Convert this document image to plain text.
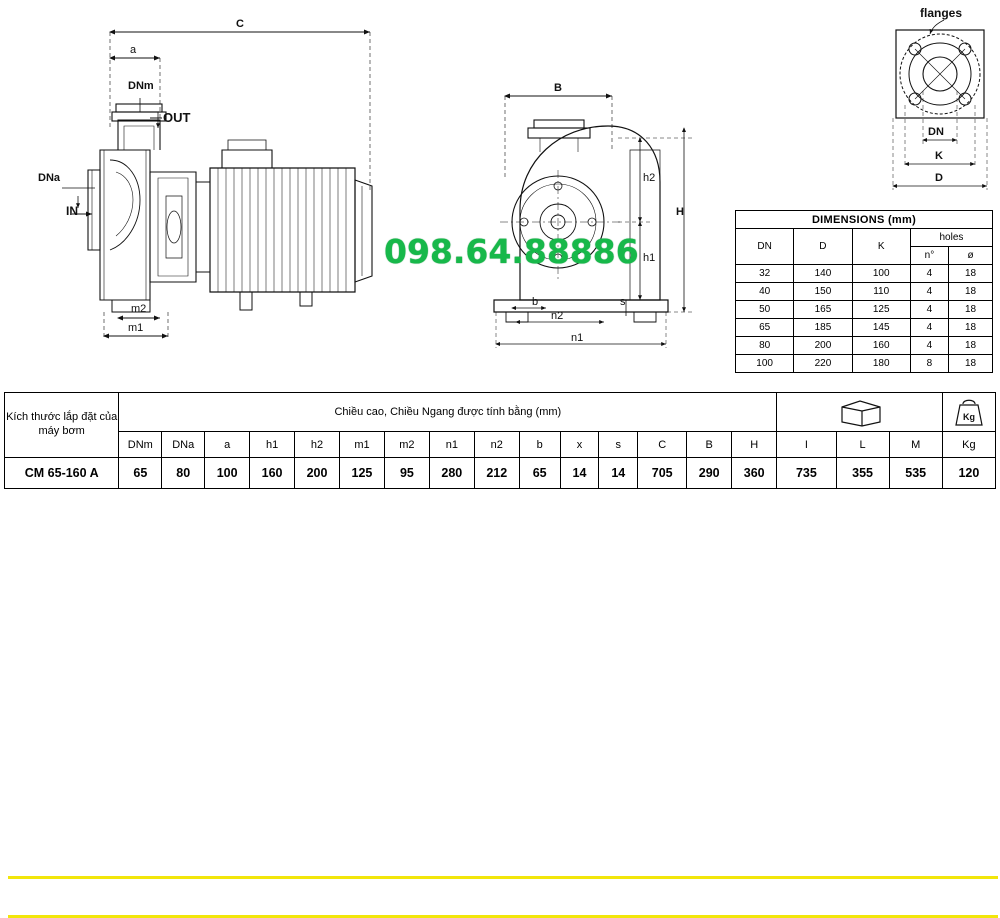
C
a
DNm
OUT
DNa
IN
m2
m1
B
h2
h1
H
b	s
n2
n1
flanges
DN
K
D
098.64.88886
DIMENSIONS (mm)				
DN	D	K	holes	
			n°	ø
32	140	100	4	18
40	150	110	4	18
50	165	125	4	18
65	185	145	4	18
80	200	160	4	18
100	220	180	8	18
Kích thước lắp đặt của máy bơm	Chiều cao, Chiều Ngang được tính bằng (mm)																		Kg

	DNm	DNa	a	h1	h2	m1	m2	n1	n2	b	x	s	C	B	H	I	L	M	Kg
CM 65-160 A	65	80	100	160	200	125	95	280	212	65	14	14	705	290	360	735	355	535	120
